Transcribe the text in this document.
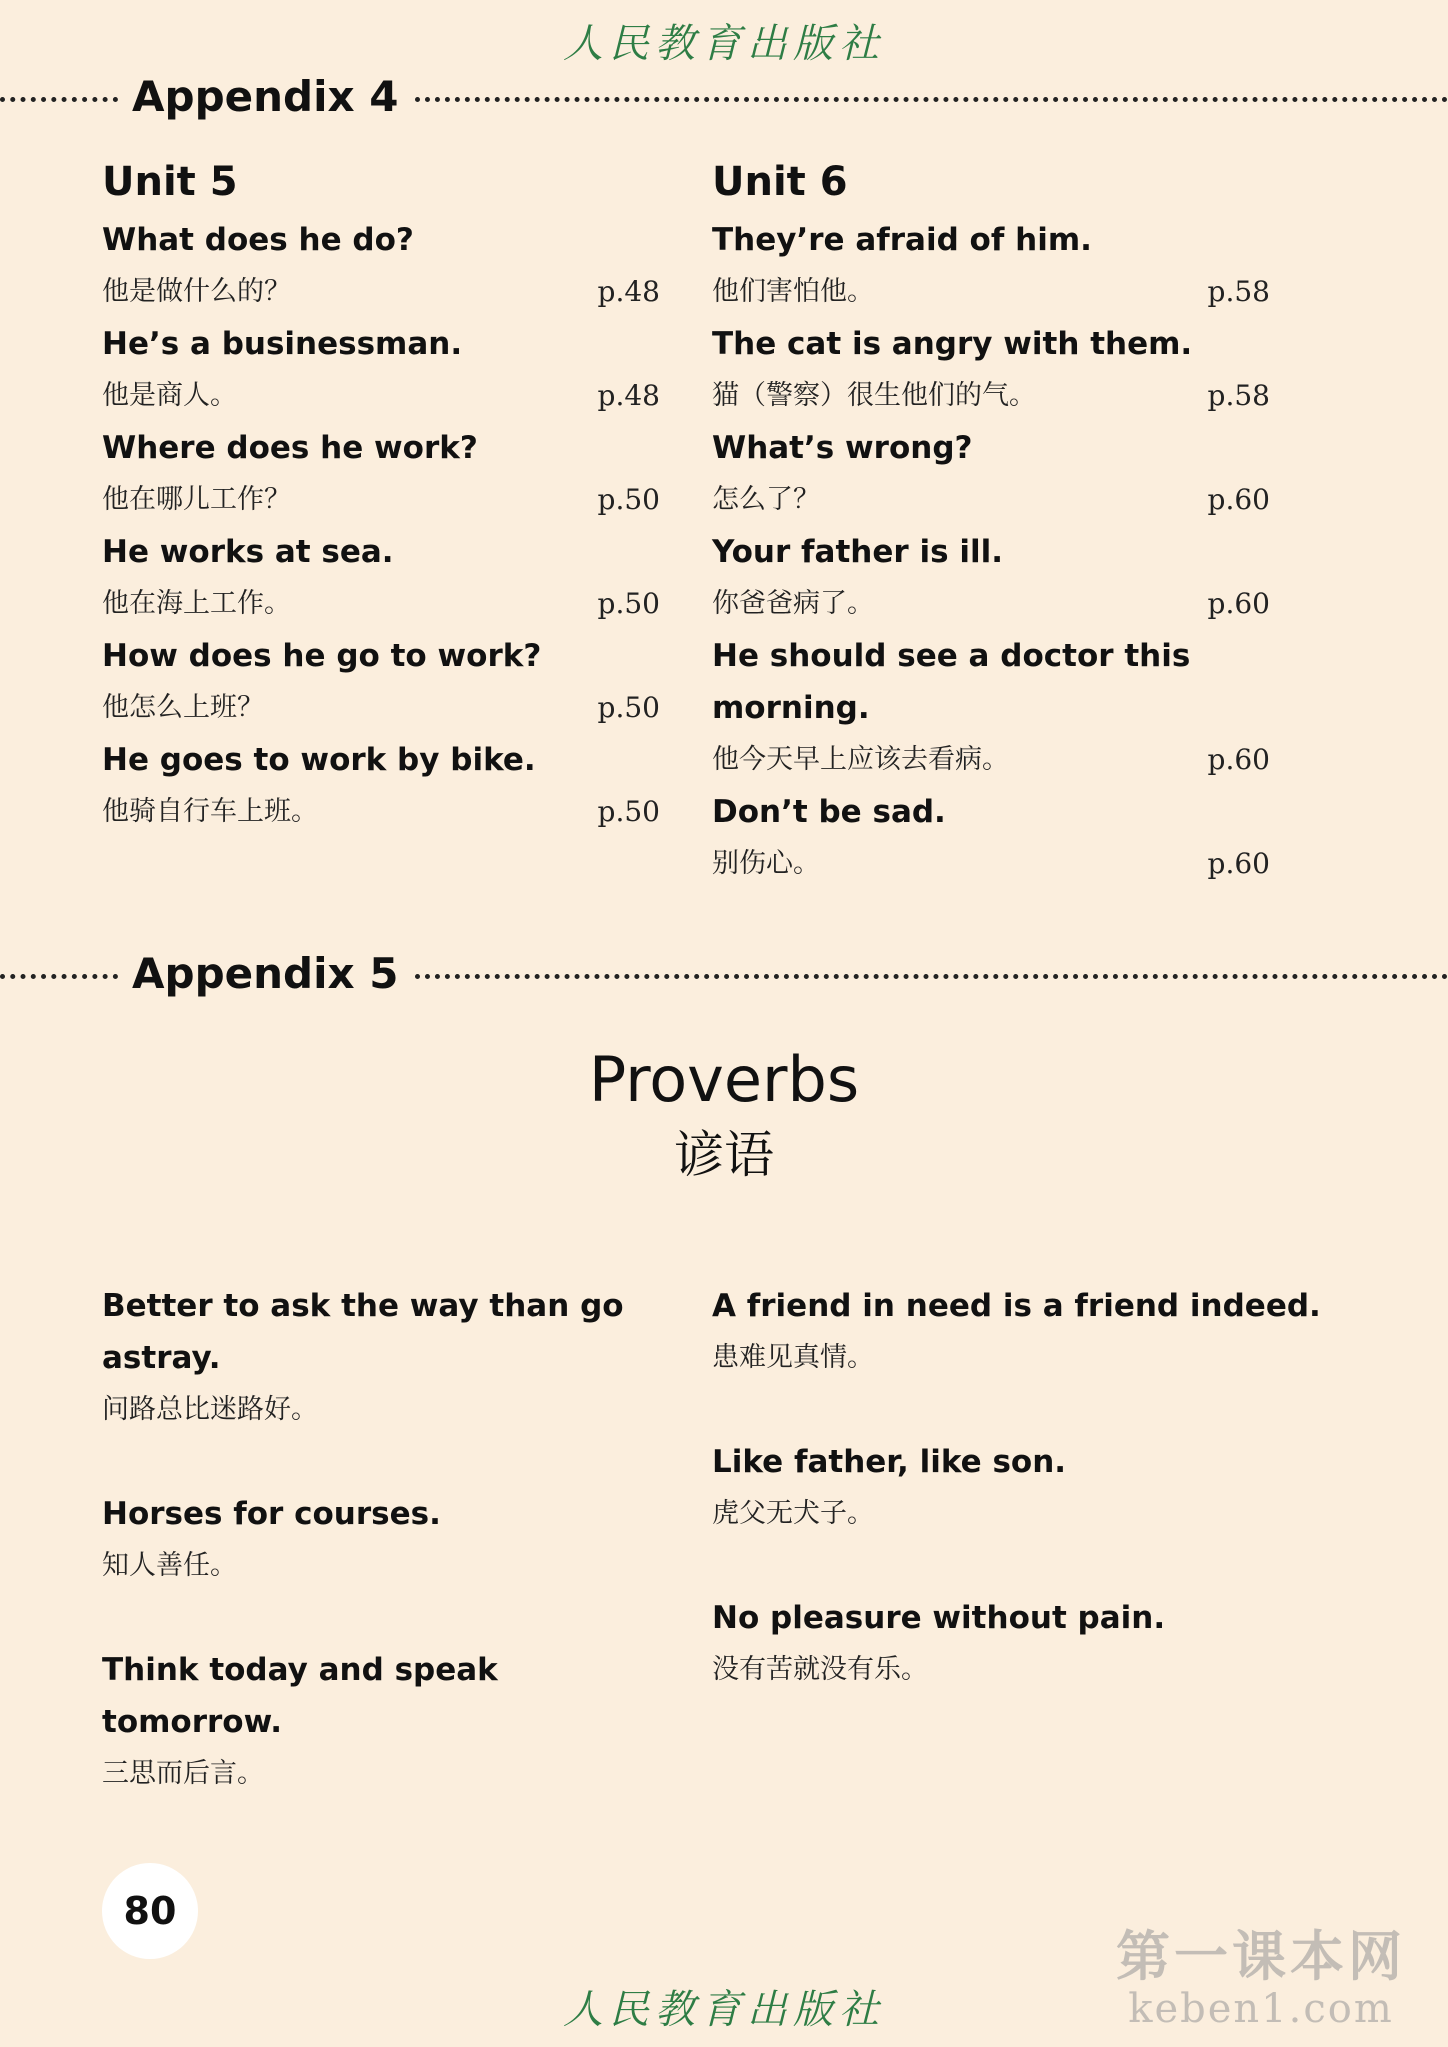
人民教育出版社
Appendix 4
Unit 5
What does he do?
他是做什么的？	p.48
He’s a businessman.
他是商人。	p.48
Where does he work?
他在哪儿工作？	p.50
He works at sea.
他在海上工作。	p.50
How does he go to work?
他怎么上班？	p.50
He goes to work by bike.
他骑自行车上班。	p.50
Unit 6
They’re afraid of him.
他们害怕他。	p.58
The cat is angry with them.
猫（警察）很生他们的气。	p.58
What’s wrong?
怎么了？	p.60
Your father is ill.
你爸爸病了。	p.60
He should see a doctor this morning.
他今天早上应该去看病。	p.60
Don’t be sad.
别伤心。	p.60
Appendix 5
Proverbs
谚语
Better to ask the way than go astray.
问路总比迷路好。
Horses for courses.
知人善任。
Think today and speak tomorrow.
三思而后言。
A friend in need is a friend indeed.
患难见真情。
Like father, like son.
虎父无犬子。
No pleasure without pain.
没有苦就没有乐。
80
第一课本网
keben1.com
人民教育出版社
